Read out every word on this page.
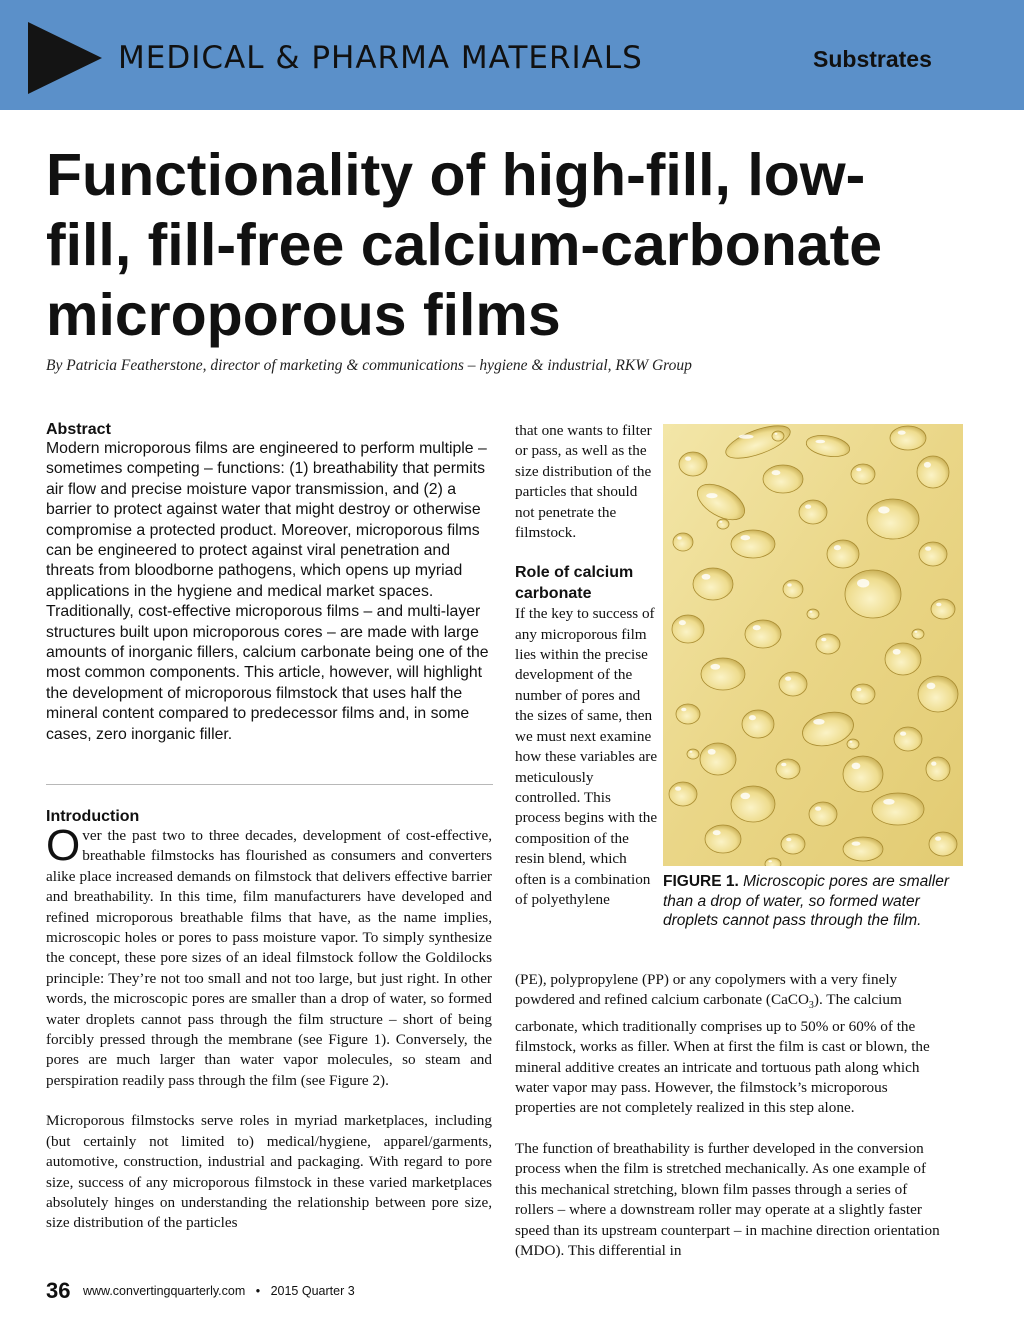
MEDICAL & PHARMA MATERIALS	Substrates
Functionality of high-fill, low-fill, fill-free calcium-carbonate microporous films
By Patricia Featherstone, director of marketing & communications – hygiene & industrial, RKW Group
Abstract

Modern microporous films are engineered to perform multiple – sometimes competing – functions: (1) breathability that permits air flow and precise moisture vapor transmission, and (2) a barrier to protect against water that might destroy or otherwise compromise a protected product. Moreover, microporous films can be engineered to protect against viral penetration and threats from bloodborne pathogens, which opens up myriad applications in the hygiene and medical market spaces. Traditionally, cost-effective microporous films – and multi-layer structures built upon microporous cores – are made with large amounts of inorganic fillers, calcium carbonate being one of the most common components. This article, however, will highlight the development of microporous filmstock that uses half the mineral content compared to predecessor films and, in some cases, zero inorganic filler.

Introduction

Over the past two to three decades, development of cost-effective, breathable filmstocks has flourished as consumers and converters alike place increased demands on filmstock that delivers effective barrier and breathability. In this time, film manufacturers have developed and refined microporous breathable films that have, as the name implies, microscopic holes or pores to pass moisture vapor. To simply synthesize the concept, these pore sizes of an ideal filmstock follow the Goldilocks principle: They’re not too small and not too large, but just right. In other words, the microscopic pores are smaller than a drop of water, so formed water droplets cannot pass through the film structure – short of being forcibly pressed through the membrane (see Figure 1). Conversely, the pores are much larger than water vapor molecules, so steam and perspiration readily pass through the film (see Figure 2).

Microporous filmstocks serve roles in myriad marketplaces, including (but certainly not limited to) medical/hygiene, apparel/garments, automotive, construction, industrial and packaging. With regard to pore size, success of any microporous filmstock in these varied marketplaces absolutely hinges on understanding the relationship between pore size, size distribution of the particles

that one wants to filter or pass, as well as the size distribution of the particles that should not penetrate the filmstock.

Role of calcium carbonate

If the key to success of any microporous film lies within the precise development of the number of pores and the sizes of same, then we must next examine how these variables are meticulously controlled. This process begins with the composition of the resin blend, which often is a combination of polyethylene

(PE), polypropylene (PP) or any copolymers with a very finely powdered and refined calcium carbonate (CaCO$_3$). The calcium carbonate, which traditionally comprises up to 50% or 60% of the filmstock, works as filler. When at first the film is cast or blown, the mineral additive creates an intricate and tortuous path along which water vapor may pass. However, the filmstock’s microporous properties are not completely realized in this step alone.

The function of breathability is further developed in the conversion process when the film is stretched mechanically. As one example of this mechanical stretching, blown film passes through a series of rollers – where a downstream roller may operate at a slightly faster speed than its upstream counterpart – in machine direction orientation (MDO). This differential in

FIGURE 1. Microscopic pores are smaller than a drop of water, so formed water droplets cannot pass through the film.
36 www.convertingquarterly.com • 2015 Quarter 3
